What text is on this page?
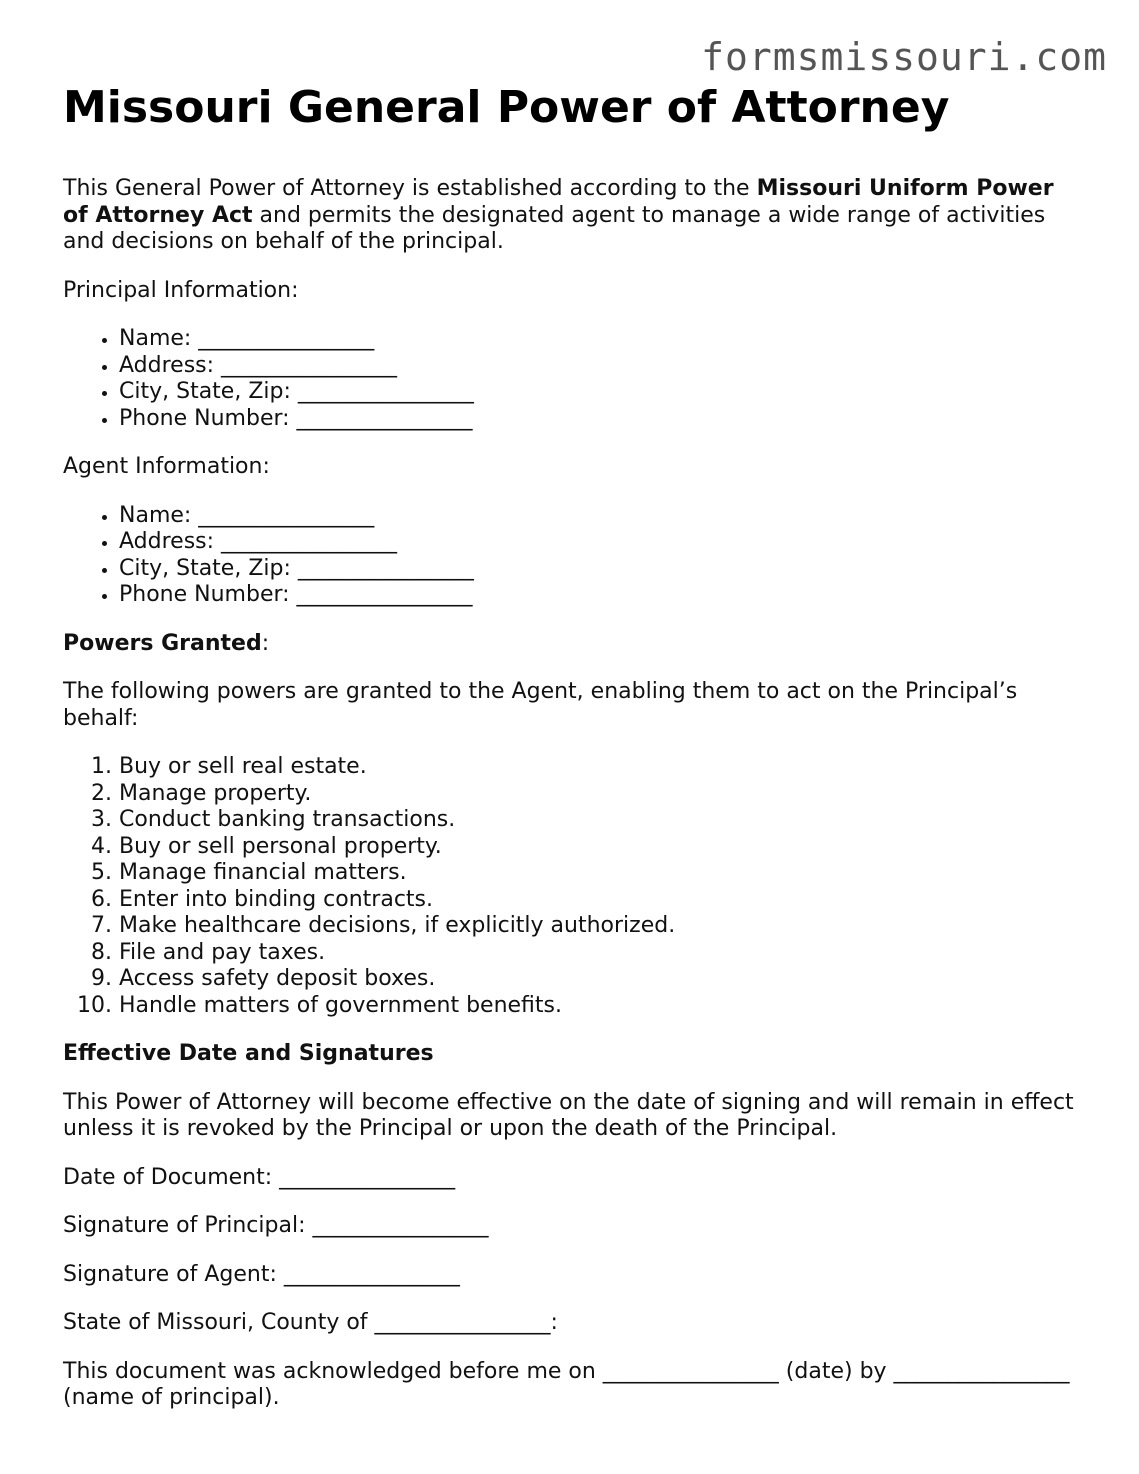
formsmissouri.com
Missouri General Power of Attorney

This General Power of Attorney is established according to the Missouri Uniform Power of Attorney Act and permits the designated agent to manage a wide range of activities and decisions on behalf of the principal.

Principal Information:

• Name: ________________
• Address: ________________
• City, State, Zip: ________________
• Phone Number: ________________

Agent Information:

• Name: ________________
• Address: ________________
• City, State, Zip: ________________
• Phone Number: ________________

Powers Granted:

The following powers are granted to the Agent, enabling them to act on the Principal’s behalf:

1. Buy or sell real estate.
2. Manage property.
3. Conduct banking transactions.
4. Buy or sell personal property.
5. Manage financial matters.
6. Enter into binding contracts.
7. Make healthcare decisions, if explicitly authorized.
8. File and pay taxes.
9. Access safety deposit boxes.
10. Handle matters of government benefits.

Effective Date and Signatures

This Power of Attorney will become effective on the date of signing and will remain in effect unless it is revoked by the Principal or upon the death of the Principal.

Date of Document: ________________

Signature of Principal: ________________

Signature of Agent: ________________

State of Missouri, County of ________________:

This document was acknowledged before me on ________________ (date) by ________________ (name of principal).
